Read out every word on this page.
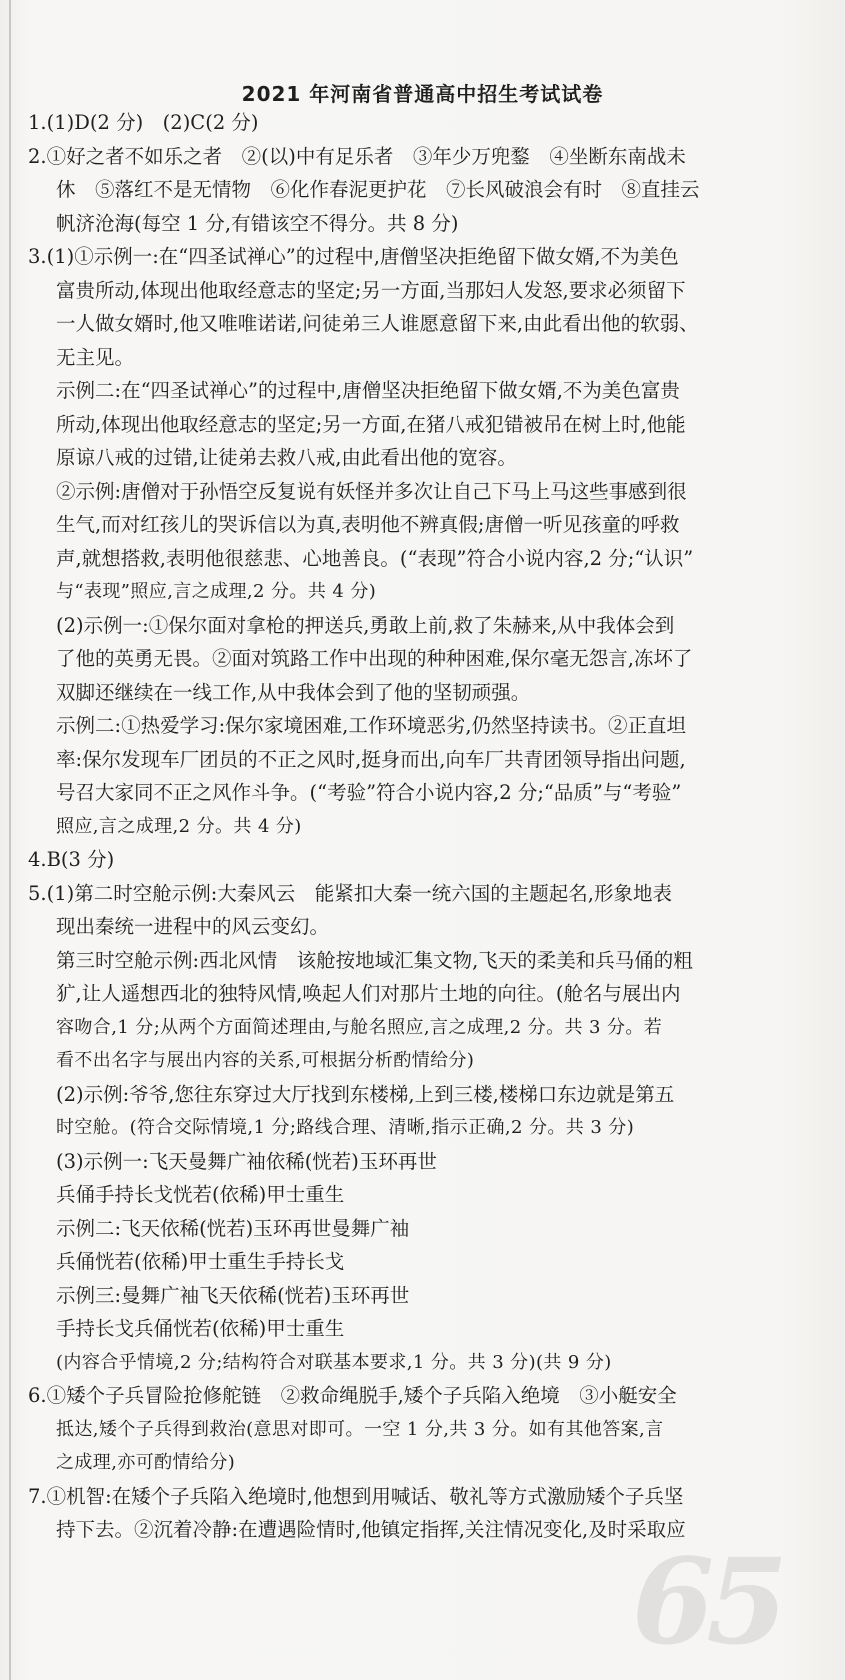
2021 年河南省普通高中招生考试试卷

1.(1)D(2 分)　(2)C(2 分)

2.①好之者不如乐之者　②(以)中有足乐者　③年少万兜鍪　④坐断东南战未

休　⑤落红不是无情物　⑥化作春泥更护花　⑦长风破浪会有时　⑧直挂云

帆济沧海(每空 1 分,有错该空不得分。共 8 分)

3.(1)①示例一:在“四圣试禅心”的过程中,唐僧坚决拒绝留下做女婿,不为美色

富贵所动,体现出他取经意志的坚定;另一方面,当那妇人发怒,要求必须留下

一人做女婿时,他又唯唯诺诺,问徒弟三人谁愿意留下来,由此看出他的软弱、

无主见。

示例二:在“四圣试禅心”的过程中,唐僧坚决拒绝留下做女婿,不为美色富贵

所动,体现出他取经意志的坚定;另一方面,在猪八戒犯错被吊在树上时,他能

原谅八戒的过错,让徒弟去救八戒,由此看出他的宽容。

②示例:唐僧对于孙悟空反复说有妖怪并多次让自己下马上马这些事感到很

生气,而对红孩儿的哭诉信以为真,表明他不辨真假;唐僧一听见孩童的呼救

声,就想搭救,表明他很慈悲、心地善良。(“表现”符合小说内容,2 分;“认识”

与“表现”照应,言之成理,2 分。共 4 分)

(2)示例一:①保尔面对拿枪的押送兵,勇敢上前,救了朱赫来,从中我体会到

了他的英勇无畏。②面对筑路工作中出现的种种困难,保尔毫无怨言,冻坏了

双脚还继续在一线工作,从中我体会到了他的坚韧顽强。

示例二:①热爱学习:保尔家境困难,工作环境恶劣,仍然坚持读书。②正直坦

率:保尔发现车厂团员的不正之风时,挺身而出,向车厂共青团领导指出问题,

号召大家同不正之风作斗争。(“考验”符合小说内容,2 分;“品质”与“考验”

照应,言之成理,2 分。共 4 分)

4.B(3 分)

5.(1)第二时空舱示例:大秦风云　能紧扣大秦一统六国的主题起名,形象地表

现出秦统一进程中的风云变幻。

第三时空舱示例:西北风情　该舱按地域汇集文物,飞天的柔美和兵马俑的粗

犷,让人遥想西北的独特风情,唤起人们对那片土地的向往。(舱名与展出内

容吻合,1 分;从两个方面简述理由,与舱名照应,言之成理,2 分。共 3 分。若

看不出名字与展出内容的关系,可根据分析酌情给分)

(2)示例:爷爷,您往东穿过大厅找到东楼梯,上到三楼,楼梯口东边就是第五

时空舱。(符合交际情境,1 分;路线合理、清晰,指示正确,2 分。共 3 分)

(3)示例一:飞天曼舞广袖依稀(恍若)玉环再世

兵俑手持长戈恍若(依稀)甲士重生

示例二:飞天依稀(恍若)玉环再世曼舞广袖

兵俑恍若(依稀)甲士重生手持长戈

示例三:曼舞广袖飞天依稀(恍若)玉环再世

手持长戈兵俑恍若(依稀)甲士重生

(内容合乎情境,2 分;结构符合对联基本要求,1 分。共 3 分)(共 9 分)

6.①矮个子兵冒险抢修舵链　②救命绳脱手,矮个子兵陷入绝境　③小艇安全

抵达,矮个子兵得到救治(意思对即可。一空 1 分,共 3 分。如有其他答案,言

之成理,亦可酌情给分)

7.①机智:在矮个子兵陷入绝境时,他想到用喊话、敬礼等方式激励矮个子兵坚

持下去。②沉着冷静:在遭遇险情时,他镇定指挥,关注情况变化,及时采取应

65
